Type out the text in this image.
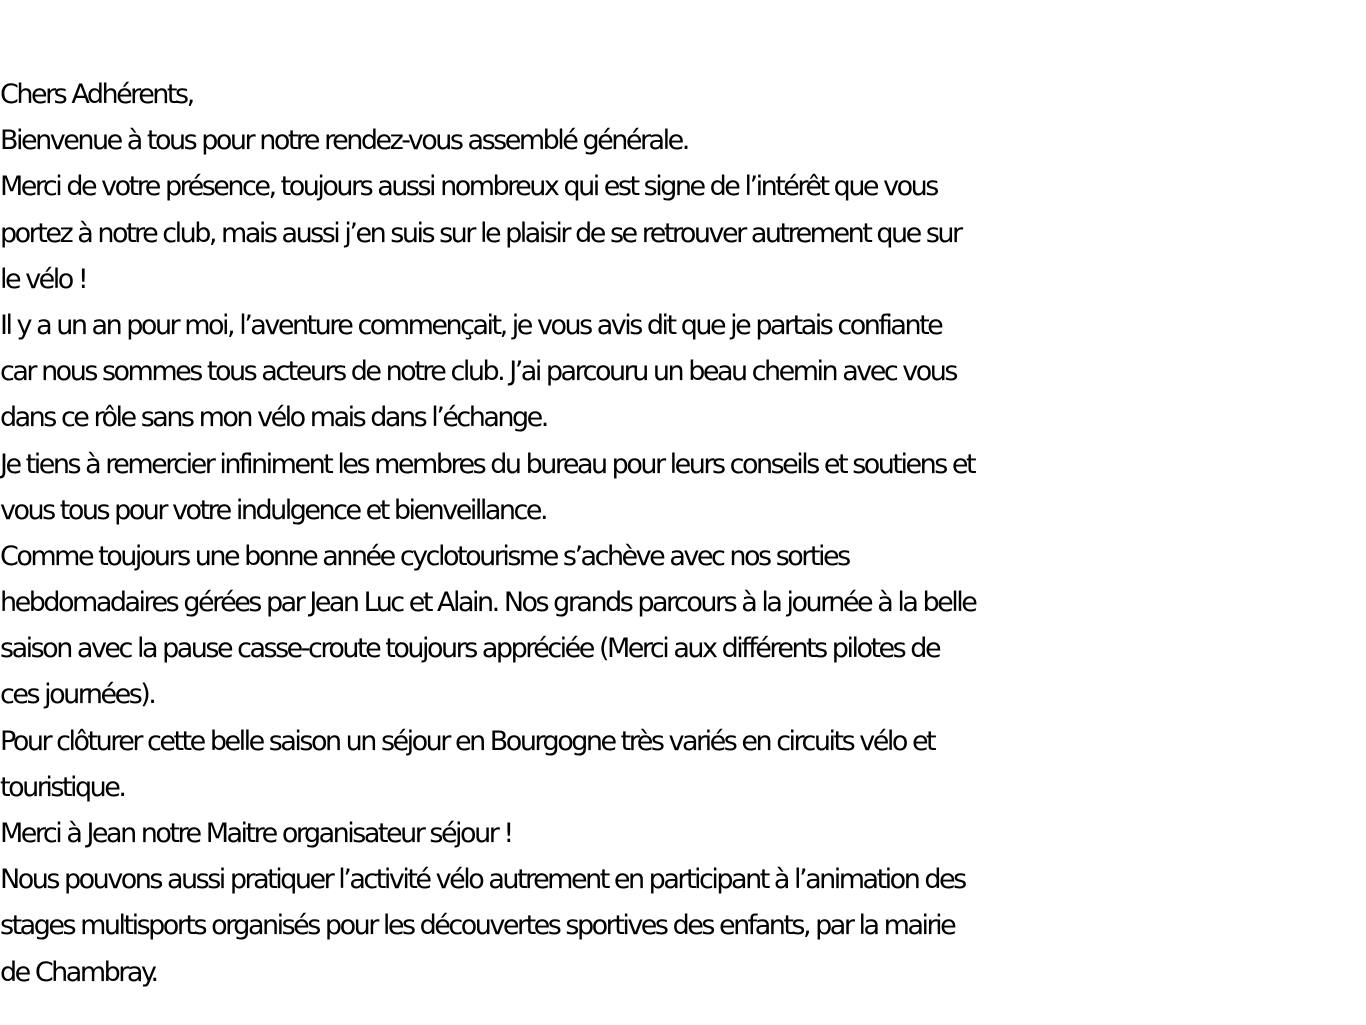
Chers Adhérents,
Bienvenue à tous pour notre rendez-vous assemblé générale.
Merci de votre présence, toujours aussi nombreux qui est signe de l’intérêt que vous
portez à notre club, mais aussi j’en suis sur le plaisir de se retrouver autrement que sur
le vélo !
Il y a un an pour moi, l’aventure commençait, je vous avis dit que je partais confiante
car nous sommes tous acteurs de notre club. J’ai parcouru un beau chemin avec vous
dans ce rôle sans mon vélo mais dans l’échange.
Je tiens à remercier infiniment les membres du bureau pour leurs conseils et soutiens et
vous tous pour votre indulgence et bienveillance.
Comme toujours une bonne année cyclotourisme s’achève avec nos sorties
hebdomadaires gérées par Jean Luc et Alain. Nos grands parcours à la journée à la belle
saison avec la pause casse-croute toujours appréciée (Merci aux différents pilotes de
ces journées).
Pour clôturer cette belle saison un séjour en Bourgogne très variés en circuits vélo et
touristique.
Merci à Jean notre Maitre organisateur séjour !
Nous pouvons aussi pratiquer l’activité vélo autrement en participant à l’animation des
stages multisports organisés pour les découvertes sportives des enfants, par la mairie
de Chambray.
